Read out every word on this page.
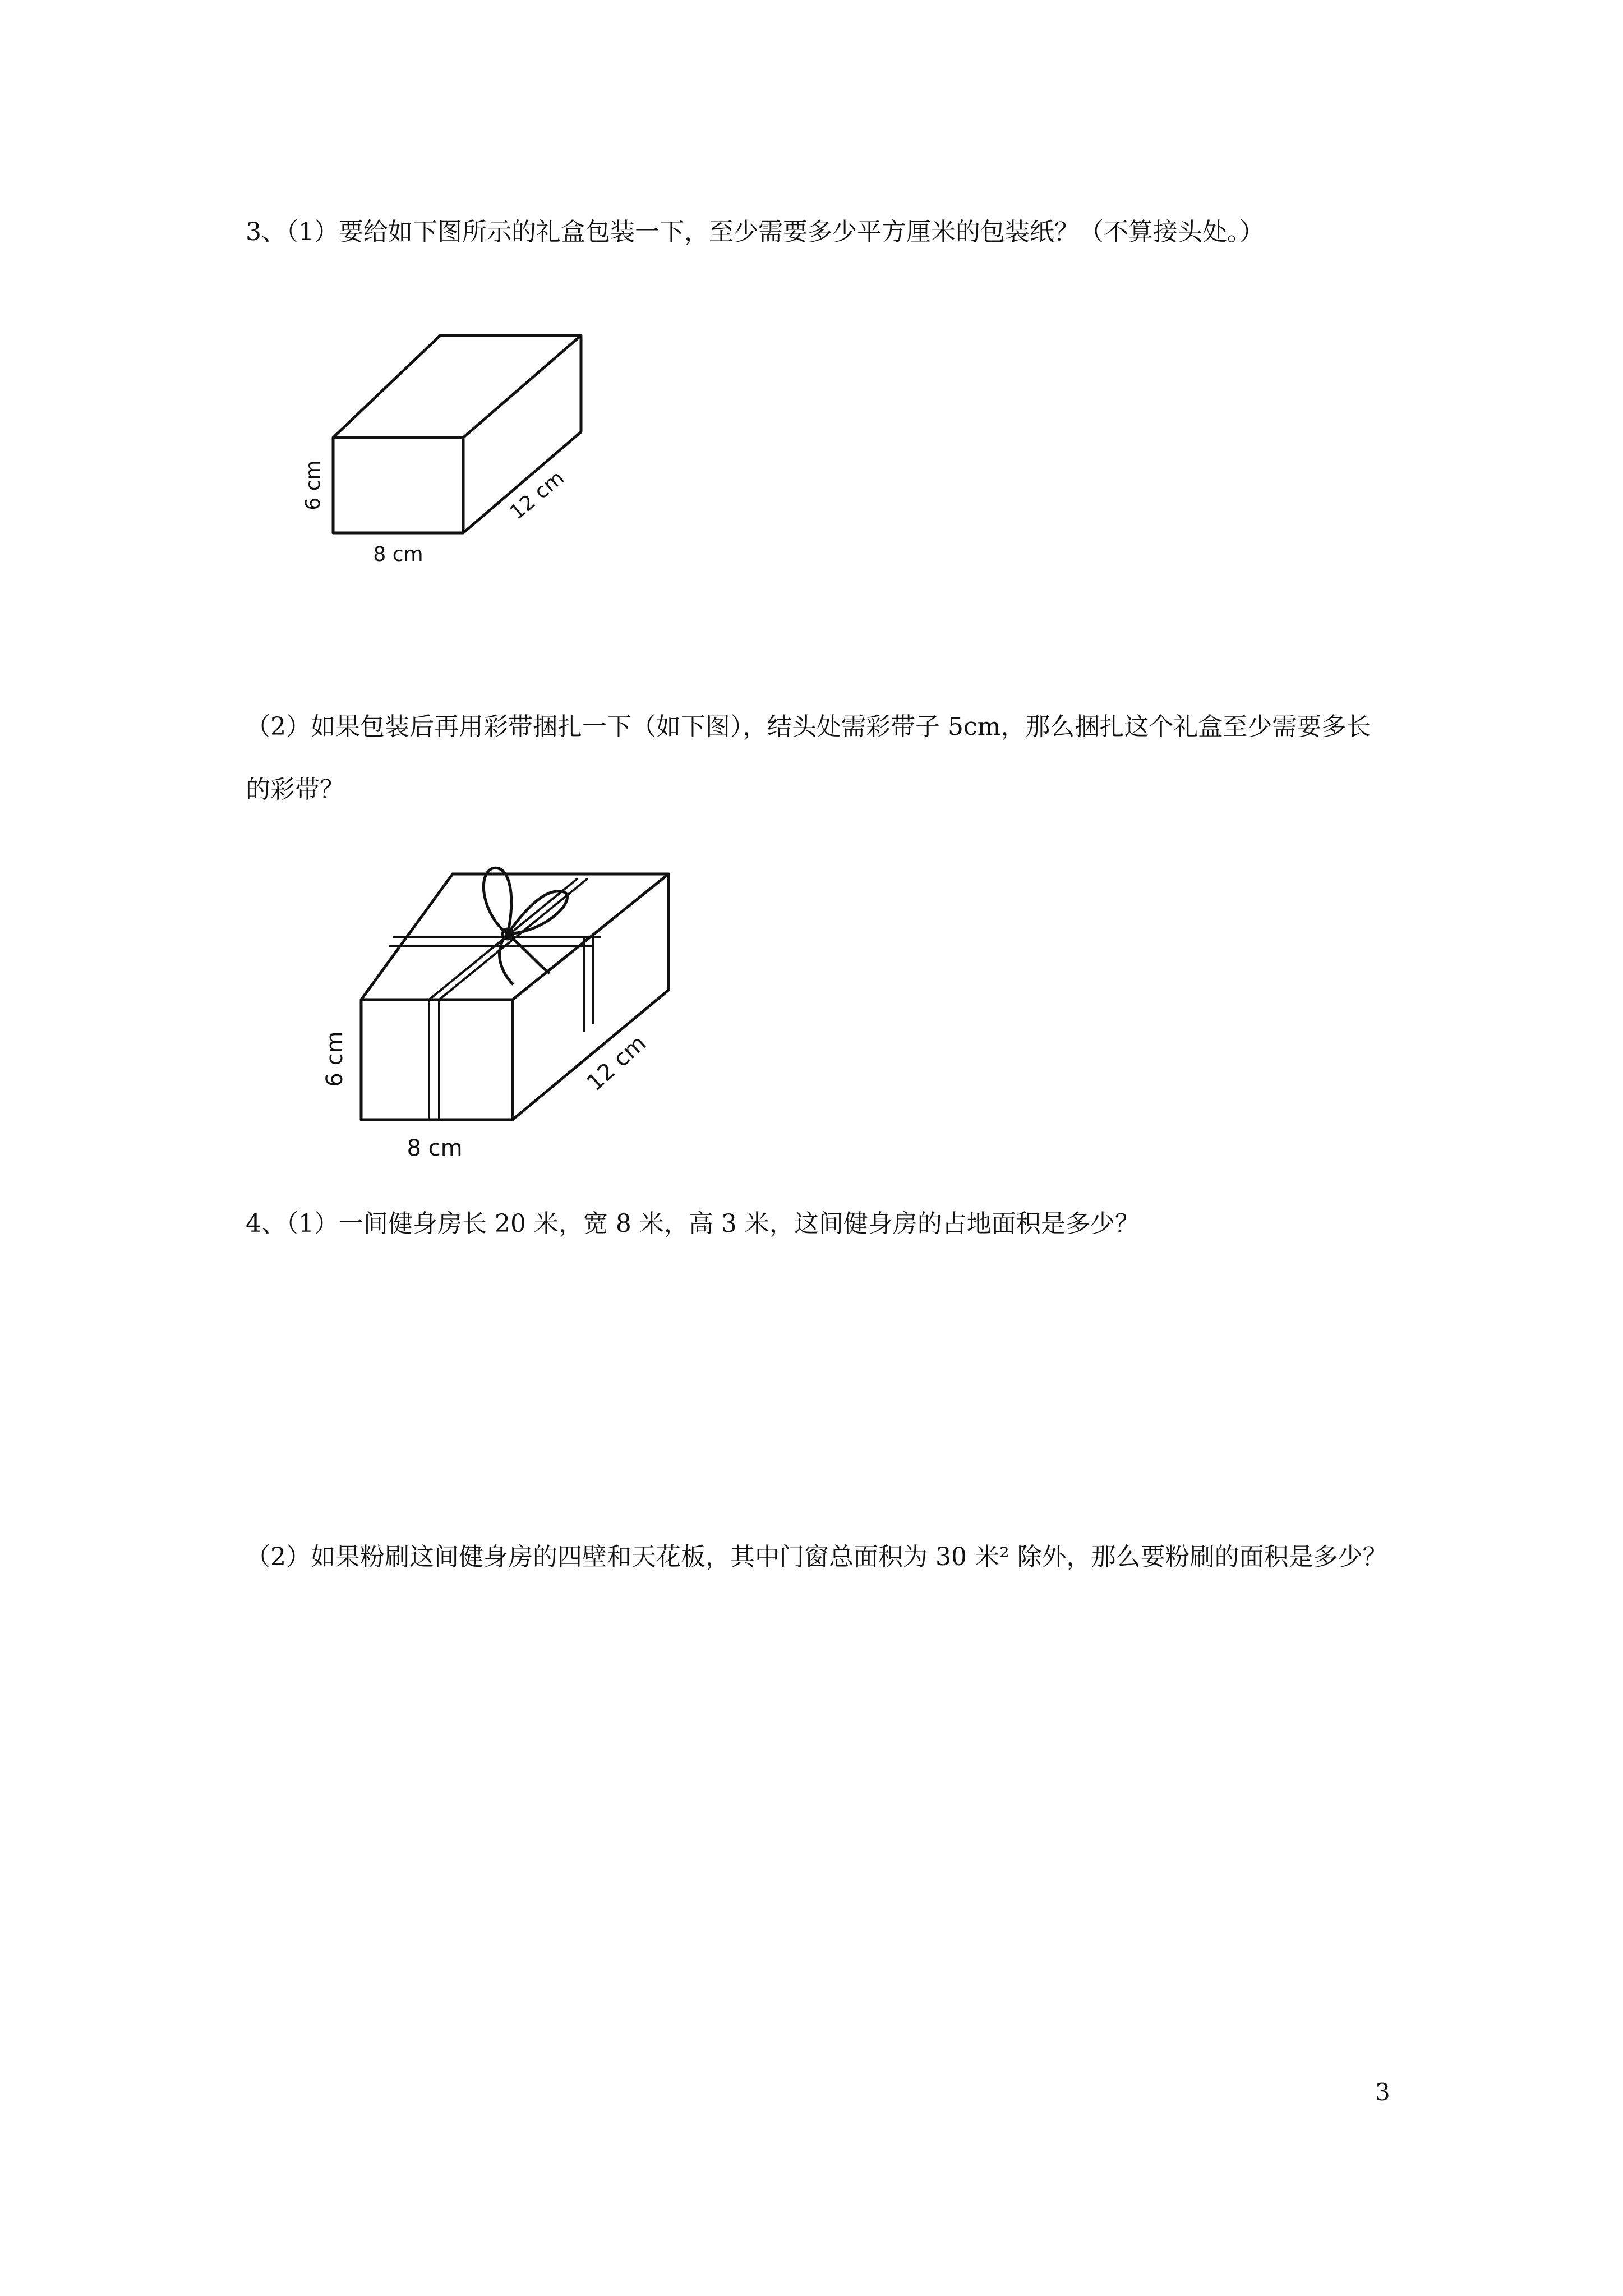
3、（1）要给如下图所示的礼盒包装一下，至少需要多少平方厘米的包装纸？（不算接头处。）

6 cm
8 cm
12 cm

（2）如果包装后再用彩带捆扎一下（如下图），结头处需彩带子 5cm，那么捆扎这个礼盒至少需要多长的彩带？

6 cm
8 cm
12 cm

4、（1）一间健身房长 20 米，宽 8 米，高 3 米，这间健身房的占地面积是多少？

（2）如果粉刷这间健身房的四壁和天花板，其中门窗总面积为 30 米² 除外，那么要粉刷的面积是多少？

3
